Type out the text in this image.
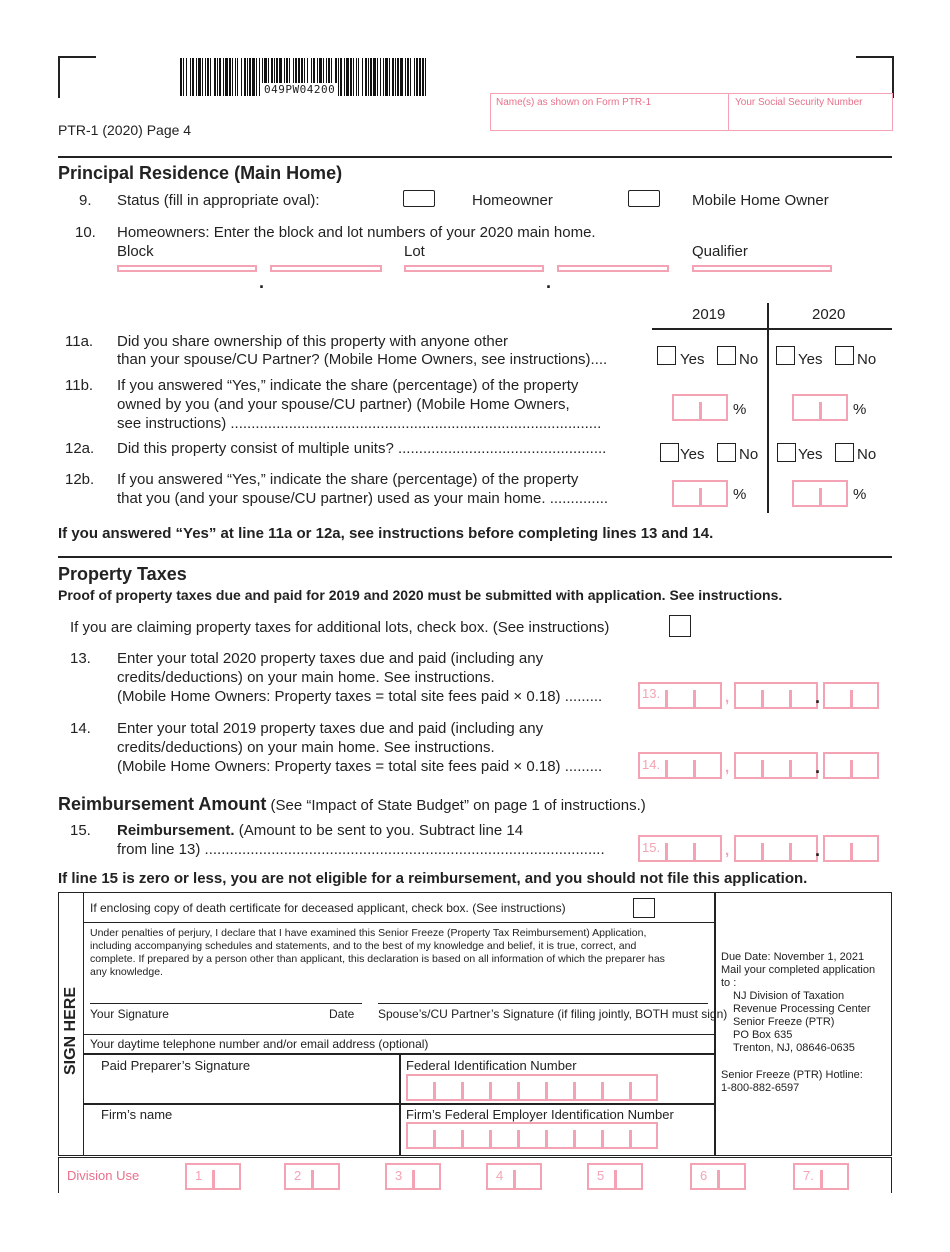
049PW04200
PTR-1 (2020) Page 4
Name(s) as shown on Form PTR-1	Your Social Security Number
Principal Residence (Main Home)
9. Status (fill in appropriate oval):	Homeowner	Mobile Home Owner
10. Homeowners: Enter the block and lot numbers of your 2020 main home.
Block	Lot	Qualifier
.	.
2019	2020
11a. Did you share ownership of this property with anyone other
than your spouse/CU Partner? (Mobile Home Owners, see instructions)....	Yes No	Yes No
11b. If you answered “Yes,” indicate the share (percentage) of the property
owned by you (and your spouse/CU partner) (Mobile Home Owners,
see instructions) .........................................................................................
%	%
12a. Did this property consist of multiple units? ..................................................	Yes No	Yes No
12b. If you answered “Yes,” indicate the share (percentage) of the property
that you (and your spouse/CU partner) used as your main home. ..............	%	%
If you answered “Yes” at line 11a or 12a, see instructions before completing lines 13 and 14.
Property Taxes
Proof of property taxes due and paid for 2019 and 2020 must be submitted with application. See instructions.
If you are claiming property taxes for additional lots, check box. (See instructions)
13. Enter your total 2020 property taxes due and paid (including any
credits/deductions) on your main home. See instructions.
(Mobile Home Owners: Property taxes = total site fees paid × 0.18) .........	13.
14. Enter your total 2019 property taxes due and paid (including any
credits/deductions) on your main home. See instructions.
(Mobile Home Owners: Property taxes = total site fees paid × 0.18) .........	14.
Reimbursement Amount (See “Impact of State Budget” on page 1 of instructions.)
15. Reimbursement. (Amount to be sent to you. Subtract line 14
from line 13) ................................................................................................	15.
If line 15 is zero or less, you are not eligible for a reimbursement, and you should not file this application.
SIGN HERE
If enclosing copy of death certificate for deceased applicant, check box. (See instructions)
Under penalties of perjury, I declare that I have examined this Senior Freeze (Property Tax Reimbursement) Application,
including accompanying schedules and statements, and to the best of my knowledge and belief, it is true, correct, and
complete. If prepared by a person other than applicant, this declaration is based on all information of which the preparer has
any knowledge.
Your Signature	Date Spouse’s/CU Partner’s Signature (if filing jointly, BOTH must sign)
Your daytime telephone number and/or email address (optional)
Paid Preparer’s Signature	Federal Identification Number
Firm’s name	Firm’s Federal Employer Identification Number
Due Date: November 1, 2021
Mail your completed application
to :
NJ Division of Taxation
Revenue Processing Center
Senior Freeze (PTR)
PO Box 635
Trenton, NJ, 08646-0635
Senior Freeze (PTR) Hotline:
1-800-882-6597
Division Use	1	2	3	4	5	6	7.
,	.
,	.
,	.
